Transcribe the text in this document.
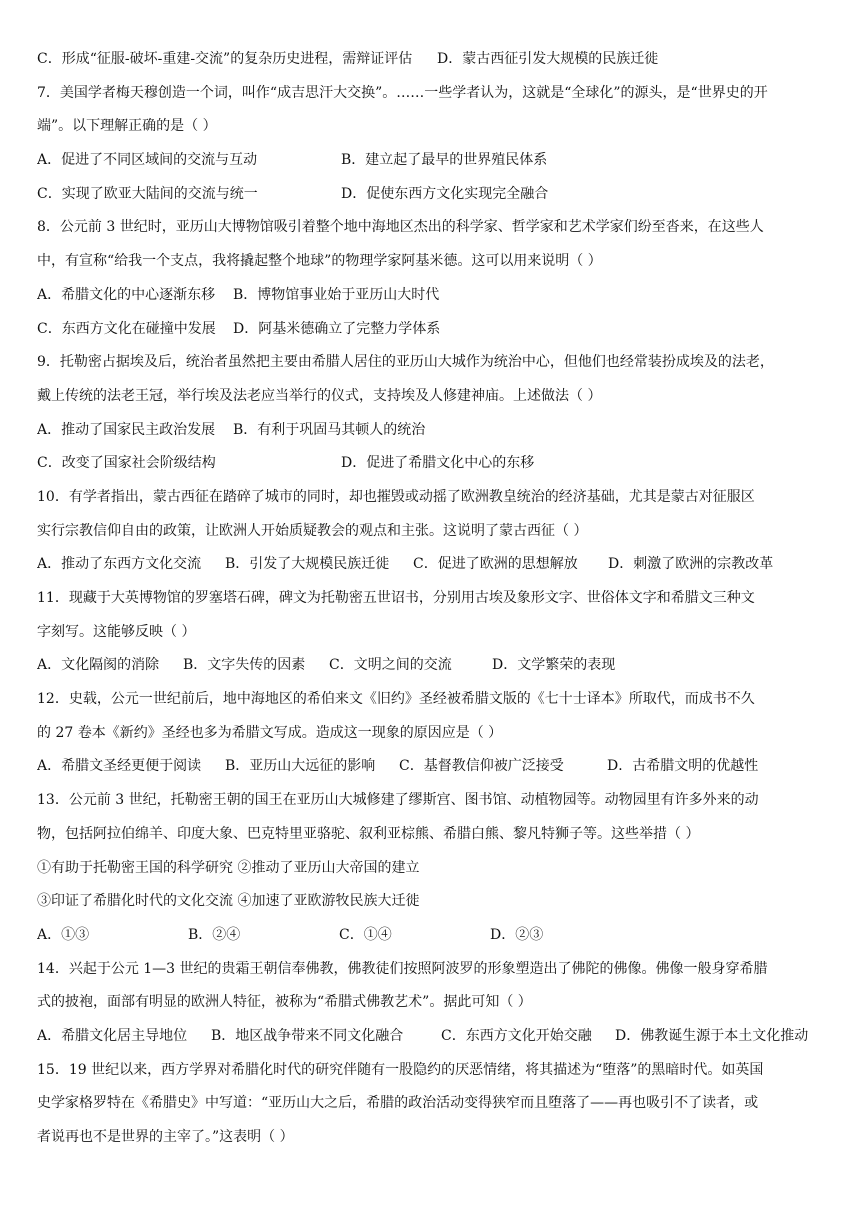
C．形成“征服-破坏-重建-交流”的复杂历史进程，需辩证评估	D．蒙古西征引发大规模的民族迁徙
7．美国学者梅天穆创造一个词，叫作“成吉思汗大交换”。……一些学者认为，这就是“全球化”的源头，是“世界史的开
端”。以下理解正确的是（ ）
A．促进了不同区域间的交流与互动	B．建立起了最早的世界殖民体系
C．实现了欧亚大陆间的交流与统一	D．促使东西方文化实现完全融合
8．公元前 3 世纪时，亚历山大博物馆吸引着整个地中海地区杰出的科学家、哲学家和艺术学家们纷至沓来，在这些人
中，有宣称“给我一个支点，我将撬起整个地球”的物理学家阿基米德。这可以用来说明（ ）
A．希腊文化的中心逐渐东移	B．博物馆事业始于亚历山大时代
C．东西方文化在碰撞中发展	D．阿基米德确立了完整力学体系
9．托勒密占据埃及后，统治者虽然把主要由希腊人居住的亚历山大城作为统治中心，但他们也经常装扮成埃及的法老，
戴上传统的法老王冠，举行埃及法老应当举行的仪式，支持埃及人修建神庙。上述做法（ ）
A．推动了国家民主政治发展	B．有利于巩固马其顿人的统治
C．改变了国家社会阶级结构	D．促进了希腊文化中心的东移
10．有学者指出，蒙古西征在踏碎了城市的同时，却也摧毁或动摇了欧洲教皇统治的经济基础，尤其是蒙古对征服区
实行宗教信仰自由的政策，让欧洲人开始质疑教会的观点和主张。这说明了蒙古西征（ ）
A．推动了东西方文化交流	B．引发了大规模民族迁徙	C．促进了欧洲的思想解放	D．刺激了欧洲的宗教改革
11．现藏于大英博物馆的罗塞塔石碑，碑文为托勒密五世诏书，分别用古埃及象形文字、世俗体文字和希腊文三种文
字刻写。这能够反映（ ）
A．文化隔阂的消除	B．文字失传的因素	C．文明之间的交流	D．文学繁荣的表现
12．史载，公元一世纪前后，地中海地区的希伯来文《旧约》圣经被希腊文版的《七十士译本》所取代，而成书不久
的 27 卷本《新约》圣经也多为希腊文写成。造成这一现象的原因应是（ ）
A．希腊文圣经更便于阅读	B．亚历山大远征的影响	C．基督教信仰被广泛接受	D．古希腊文明的优越性
13．公元前 3 世纪，托勒密王朝的国王在亚历山大城修建了缪斯宫、图书馆、动植物园等。动物园里有许多外来的动
物，包括阿拉伯绵羊、印度大象、巴克特里亚骆驼、叙利亚棕熊、希腊白熊、黎凡特狮子等。这些举措（ ）
①有助于托勒密王国的科学研究 ②推动了亚历山大帝国的建立
③印证了希腊化时代的文化交流 ④加速了亚欧游牧民族大迁徙
A．①③	B．②④	C．①④	D．②③
14．兴起于公元 1—3 世纪的贵霜王朝信奉佛教，佛教徒们按照阿波罗的形象塑造出了佛陀的佛像。佛像一般身穿希腊
式的披袍，面部有明显的欧洲人特征，被称为“希腊式佛教艺术”。据此可知（ ）
A．希腊文化居主导地位	B．地区战争带来不同文化融合	C．东西方文化开始交融	D．佛教诞生源于本土文化推动
15．19 世纪以来，西方学界对希腊化时代的研究伴随有一股隐约的厌恶情绪，将其描述为“堕落”的黑暗时代。如英国
史学家格罗特在《希腊史》中写道：“亚历山大之后，希腊的政治活动变得狭窄而且堕落了——再也吸引不了读者，或
者说再也不是世界的主宰了。”这表明（ ）
